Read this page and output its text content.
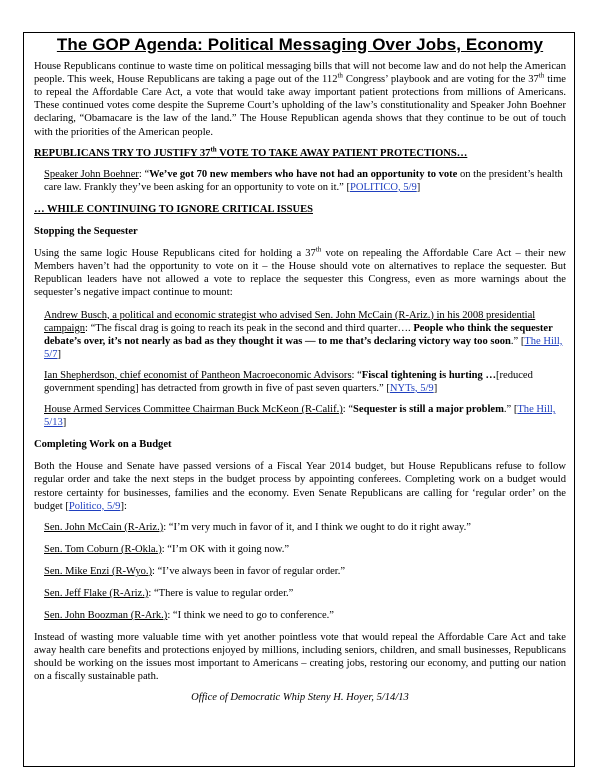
The GOP Agenda: Political Messaging Over Jobs, Economy

House Republicans continue to waste time on political messaging bills that will not become law and do not help the American people. This week, House Republicans are taking a page out of the 112th Congress’ playbook and are voting for the 37th time to repeal the Affordable Care Act, a vote that would take away important patient protections from millions of Americans. These continued votes come despite the Supreme Court’s upholding of the law’s constitutionality and Speaker John Boehner declaring, “Obamacare is the law of the land.” The House Republican agenda shows that they continue to be out of touch with the priorities of the American people.

REPUBLICANS TRY TO JUSTIFY 37th VOTE TO TAKE AWAY PATIENT PROTECTIONS…

Speaker John Boehner: “We’ve got 70 new members who have not had an opportunity to vote on the president’s health care law. Frankly they’ve been asking for an opportunity to vote on it.” [POLITICO, 5/9]

… WHILE CONTINUING TO IGNORE CRITICAL ISSUES

Stopping the Sequester

Using the same logic House Republicans cited for holding a 37th vote on repealing the Affordable Care Act – their new Members haven’t had the opportunity to vote on it – the House should vote on alternatives to replace the sequester. But Republican leaders have not allowed a vote to replace the sequester this Congress, even as more warnings about the sequester’s negative impact continue to mount:

Andrew Busch, a political and economic strategist who advised Sen. John McCain (R-Ariz.) in his 2008 presidential campaign: “The fiscal drag is going to reach its peak in the second and third quarter…. People who think the sequester debate’s over, it’s not nearly as bad as they thought it was — to me that’s declaring victory way too soon.” [The Hill, 5/7]

Ian Shepherdson, chief economist of Pantheon Macroeconomic Advisors: “Fiscal tightening is hurting …[reduced government spending] has detracted from growth in five of past seven quarters.” [NYTs, 5/9]

House Armed Services Committee Chairman Buck McKeon (R-Calif.): “Sequester is still a major problem.” [The Hill, 5/13]

Completing Work on a Budget

Both the House and Senate have passed versions of a Fiscal Year 2014 budget, but House Republicans refuse to follow regular order and take the next steps in the budget process by appointing conferees. Completing work on a budget would restore certainty for businesses, families and the economy. Even Senate Republicans are calling for ‘regular order’ on the budget [Politico, 5/9]:

Sen. John McCain (R-Ariz.): “I’m very much in favor of it, and I think we ought to do it right away.”

Sen. Tom Coburn (R-Okla.): “I’m OK with it going now.”

Sen. Mike Enzi (R-Wyo.): “I’ve always been in favor of regular order.”

Sen. Jeff Flake (R-Ariz.): “There is value to regular order.”

Sen. John Boozman (R-Ark.): “I think we need to go to conference.”

Instead of wasting more valuable time with yet another pointless vote that would repeal the Affordable Care Act and take away health care benefits and protections enjoyed by millions, including seniors, children, and small businesses, Republicans should be working on the issues most important to Americans – creating jobs, restoring our economy, and putting our nation on a fiscally sustainable path.

Office of Democratic Whip Steny H. Hoyer, 5/14/13
